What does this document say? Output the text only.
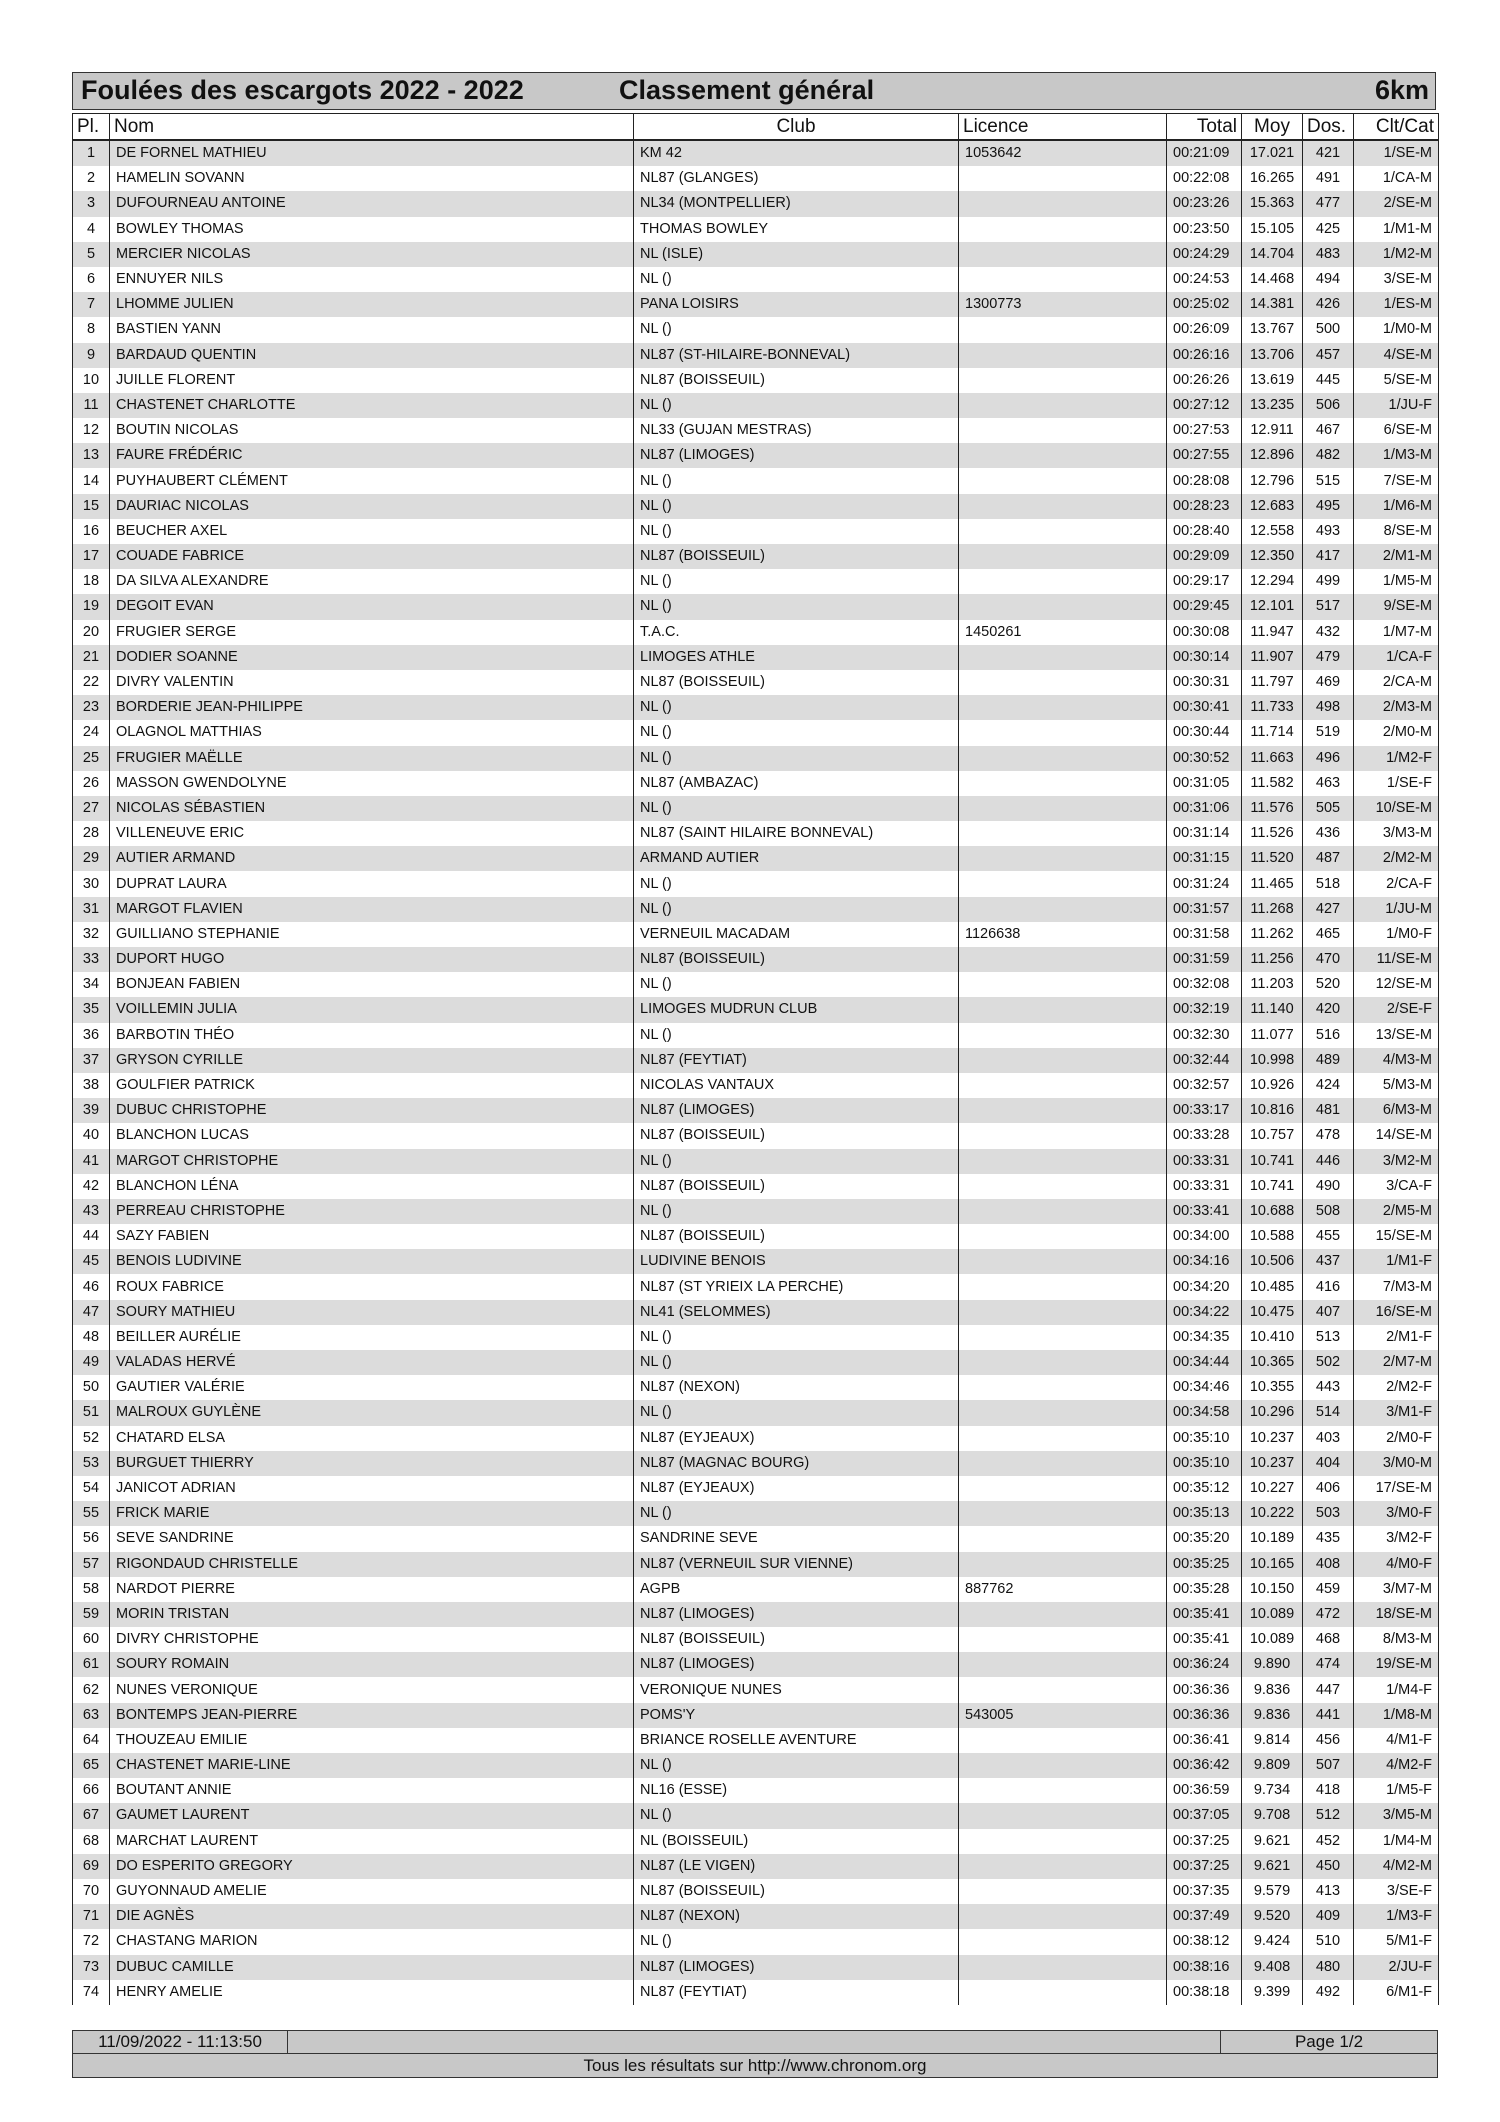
Foulées des escargots 2022 - 2022	Classement général	6km
Pl.	Nom	Club	Licence	Total	Moy	Dos.	Clt/Cat
1	DE FORNEL MATHIEU	KM 42	1053642	00:21:09	17.021	421	1/SE-M
2	HAMELIN SOVANN	NL87 (GLANGES)		00:22:08	16.265	491	1/CA-M
3	DUFOURNEAU ANTOINE	NL34 (MONTPELLIER)		00:23:26	15.363	477	2/SE-M
4	BOWLEY THOMAS	THOMAS BOWLEY		00:23:50	15.105	425	1/M1-M
5	MERCIER NICOLAS	NL (ISLE)		00:24:29	14.704	483	1/M2-M
6	ENNUYER NILS	NL ()		00:24:53	14.468	494	3/SE-M
7	LHOMME JULIEN	PANA LOISIRS	1300773	00:25:02	14.381	426	1/ES-M
8	BASTIEN YANN	NL ()		00:26:09	13.767	500	1/M0-M
9	BARDAUD QUENTIN	NL87 (ST-HILAIRE-BONNEVAL)		00:26:16	13.706	457	4/SE-M
10	JUILLE FLORENT	NL87 (BOISSEUIL)		00:26:26	13.619	445	5/SE-M
11	CHASTENET CHARLOTTE	NL ()		00:27:12	13.235	506	1/JU-F
12	BOUTIN NICOLAS	NL33 (GUJAN MESTRAS)		00:27:53	12.911	467	6/SE-M
13	FAURE FRÉDÉRIC	NL87 (LIMOGES)		00:27:55	12.896	482	1/M3-M
14	PUYHAUBERT CLÉMENT	NL ()		00:28:08	12.796	515	7/SE-M
15	DAURIAC NICOLAS	NL ()		00:28:23	12.683	495	1/M6-M
16	BEUCHER AXEL	NL ()		00:28:40	12.558	493	8/SE-M
17	COUADE FABRICE	NL87 (BOISSEUIL)		00:29:09	12.350	417	2/M1-M
18	DA SILVA ALEXANDRE	NL ()		00:29:17	12.294	499	1/M5-M
19	DEGOIT EVAN	NL ()		00:29:45	12.101	517	9/SE-M
20	FRUGIER SERGE	T.A.C.	1450261	00:30:08	11.947	432	1/M7-M
21	DODIER SOANNE	LIMOGES ATHLE		00:30:14	11.907	479	1/CA-F
22	DIVRY VALENTIN	NL87 (BOISSEUIL)		00:30:31	11.797	469	2/CA-M
23	BORDERIE JEAN-PHILIPPE	NL ()		00:30:41	11.733	498	2/M3-M
24	OLAGNOL MATTHIAS	NL ()		00:30:44	11.714	519	2/M0-M
25	FRUGIER MAËLLE	NL ()		00:30:52	11.663	496	1/M2-F
26	MASSON GWENDOLYNE	NL87 (AMBAZAC)		00:31:05	11.582	463	1/SE-F
27	NICOLAS SÉBASTIEN	NL ()		00:31:06	11.576	505	10/SE-M
28	VILLENEUVE ERIC	NL87 (SAINT HILAIRE BONNEVAL)		00:31:14	11.526	436	3/M3-M
29	AUTIER ARMAND	ARMAND AUTIER		00:31:15	11.520	487	2/M2-M
30	DUPRAT LAURA	NL ()		00:31:24	11.465	518	2/CA-F
31	MARGOT FLAVIEN	NL ()		00:31:57	11.268	427	1/JU-M
32	GUILLIANO STEPHANIE	VERNEUIL MACADAM	1126638	00:31:58	11.262	465	1/M0-F
33	DUPORT HUGO	NL87 (BOISSEUIL)		00:31:59	11.256	470	11/SE-M
34	BONJEAN FABIEN	NL ()		00:32:08	11.203	520	12/SE-M
35	VOILLEMIN JULIA	LIMOGES MUDRUN CLUB		00:32:19	11.140	420	2/SE-F
36	BARBOTIN THÉO	NL ()		00:32:30	11.077	516	13/SE-M
37	GRYSON CYRILLE	NL87 (FEYTIAT)		00:32:44	10.998	489	4/M3-M
38	GOULFIER PATRICK	NICOLAS VANTAUX		00:32:57	10.926	424	5/M3-M
39	DUBUC CHRISTOPHE	NL87 (LIMOGES)		00:33:17	10.816	481	6/M3-M
40	BLANCHON LUCAS	NL87 (BOISSEUIL)		00:33:28	10.757	478	14/SE-M
41	MARGOT CHRISTOPHE	NL ()		00:33:31	10.741	446	3/M2-M
42	BLANCHON LÉNA	NL87 (BOISSEUIL)		00:33:31	10.741	490	3/CA-F
43	PERREAU CHRISTOPHE	NL ()		00:33:41	10.688	508	2/M5-M
44	SAZY FABIEN	NL87 (BOISSEUIL)		00:34:00	10.588	455	15/SE-M
45	BENOIS LUDIVINE	LUDIVINE BENOIS		00:34:16	10.506	437	1/M1-F
46	ROUX FABRICE	NL87 (ST YRIEIX LA PERCHE)		00:34:20	10.485	416	7/M3-M
47	SOURY MATHIEU	NL41 (SELOMMES)		00:34:22	10.475	407	16/SE-M
48	BEILLER AURÉLIE	NL ()		00:34:35	10.410	513	2/M1-F
49	VALADAS HERVÉ	NL ()		00:34:44	10.365	502	2/M7-M
50	GAUTIER VALÉRIE	NL87 (NEXON)		00:34:46	10.355	443	2/M2-F
51	MALROUX GUYLÈNE	NL ()		00:34:58	10.296	514	3/M1-F
52	CHATARD ELSA	NL87 (EYJEAUX)		00:35:10	10.237	403	2/M0-F
53	BURGUET THIERRY	NL87 (MAGNAC BOURG)		00:35:10	10.237	404	3/M0-M
54	JANICOT ADRIAN	NL87 (EYJEAUX)		00:35:12	10.227	406	17/SE-M
55	FRICK MARIE	NL ()		00:35:13	10.222	503	3/M0-F
56	SEVE SANDRINE	SANDRINE SEVE		00:35:20	10.189	435	3/M2-F
57	RIGONDAUD CHRISTELLE	NL87 (VERNEUIL SUR VIENNE)		00:35:25	10.165	408	4/M0-F
58	NARDOT PIERRE	AGPB	887762	00:35:28	10.150	459	3/M7-M
59	MORIN TRISTAN	NL87 (LIMOGES)		00:35:41	10.089	472	18/SE-M
60	DIVRY CHRISTOPHE	NL87 (BOISSEUIL)		00:35:41	10.089	468	8/M3-M
61	SOURY ROMAIN	NL87 (LIMOGES)		00:36:24	9.890	474	19/SE-M
62	NUNES VERONIQUE	VERONIQUE NUNES		00:36:36	9.836	447	1/M4-F
63	BONTEMPS JEAN-PIERRE	POMS'Y	543005	00:36:36	9.836	441	1/M8-M
64	THOUZEAU EMILIE	BRIANCE ROSELLE AVENTURE		00:36:41	9.814	456	4/M1-F
65	CHASTENET MARIE-LINE	NL ()		00:36:42	9.809	507	4/M2-F
66	BOUTANT ANNIE	NL16 (ESSE)		00:36:59	9.734	418	1/M5-F
67	GAUMET LAURENT	NL ()		00:37:05	9.708	512	3/M5-M
68	MARCHAT LAURENT	NL (BOISSEUIL)		00:37:25	9.621	452	1/M4-M
69	DO ESPERITO GREGORY	NL87 (LE VIGEN)		00:37:25	9.621	450	4/M2-M
70	GUYONNAUD AMELIE	NL87 (BOISSEUIL)		00:37:35	9.579	413	3/SE-F
71	DIE AGNÈS	NL87 (NEXON)		00:37:49	9.520	409	1/M3-F
72	CHASTANG MARION	NL ()		00:38:12	9.424	510	5/M1-F
73	DUBUC CAMILLE	NL87 (LIMOGES)		00:38:16	9.408	480	2/JU-F
74	HENRY AMELIE	NL87 (FEYTIAT)		00:38:18	9.399	492	6/M1-F
11/09/2022 - 11:13:50	Page 1/2
Tous les résultats sur http://www.chronom.org
